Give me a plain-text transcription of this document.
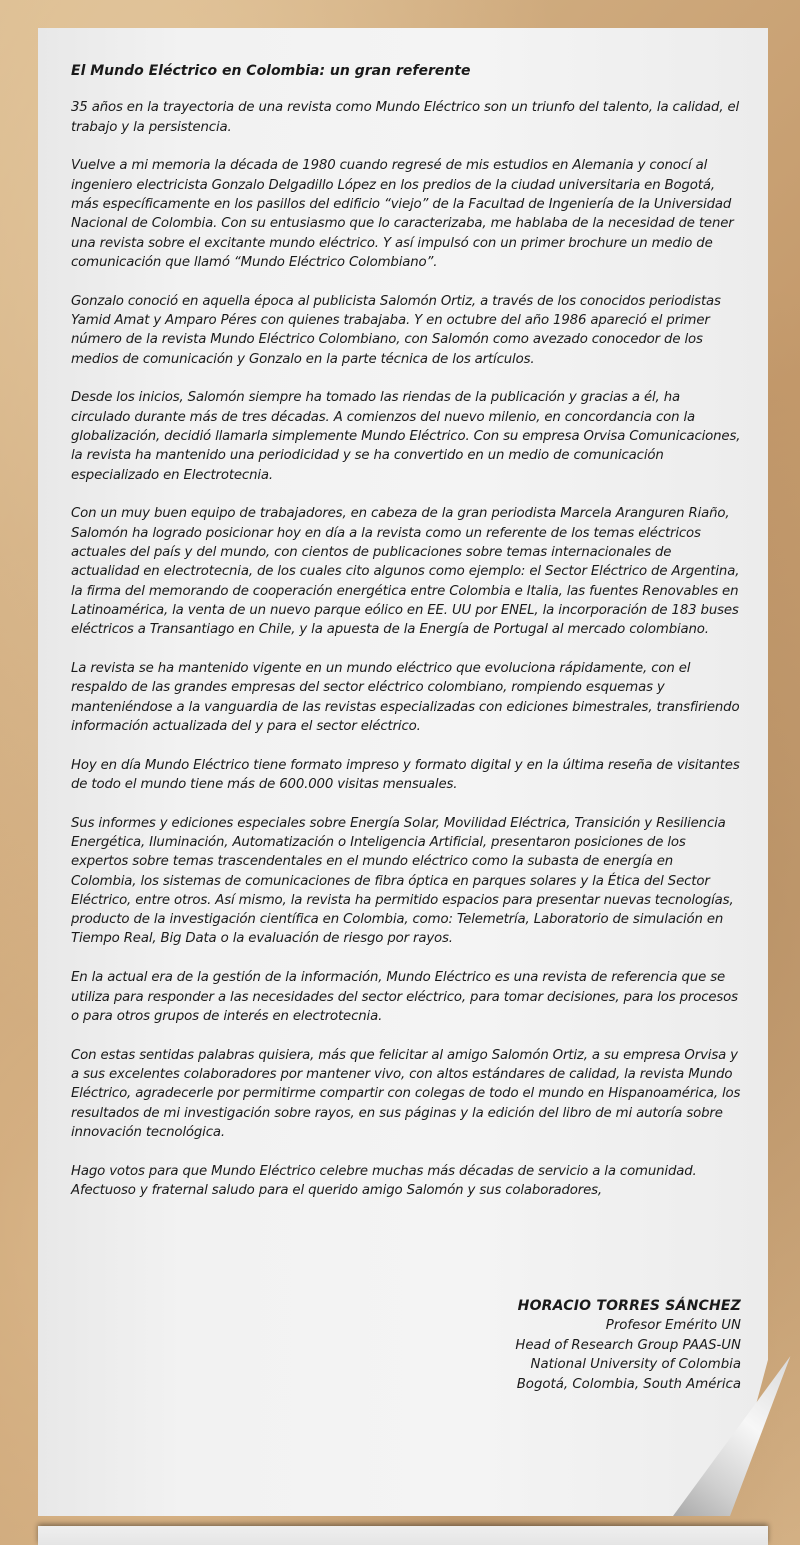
El Mundo Eléctrico en Colombia: un gran referente

35 años en la trayectoria de una revista como Mundo Eléctrico son un triunfo del talento, la calidad, el trabajo y la persistencia.

Vuelve a mi memoria la década de 1980 cuando regresé de mis estudios en Alemania y conocí al ingeniero electricista Gonzalo Delgadillo López en los predios de la ciudad universitaria en Bogotá, más específicamente en los pasillos del edificio “viejo” de la Facultad de Ingeniería de la Universidad Nacional de Colombia. Con su entusiasmo que lo caracterizaba, me hablaba de la necesidad de tener una revista sobre el excitante mundo eléctrico. Y así impulsó con un primer brochure un medio de comunicación que llamó “Mundo Eléctrico Colombiano”.

Gonzalo conoció en aquella época al publicista Salomón Ortiz, a través de los conocidos periodistas Yamid Amat y Amparo Péres con quienes trabajaba. Y en octubre del año 1986 apareció el primer número de la revista Mundo Eléctrico Colombiano, con Salomón como avezado conocedor de los medios de comunicación y Gonzalo en la parte técnica de los artículos.

Desde los inicios, Salomón siempre ha tomado las riendas de la publicación y gracias a él, ha circulado durante más de tres décadas. A comienzos del nuevo milenio, en concordancia con la globalización, decidió llamarla simplemente Mundo Eléctrico. Con su empresa Orvisa Comunicaciones, la revista ha mantenido una periodicidad y se ha convertido en un medio de comunicación especializado en Electrotecnia.

Con un muy buen equipo de trabajadores, en cabeza de la gran periodista Marcela Aranguren Riaño, Salomón ha logrado posicionar hoy en día a la revista como un referente de los temas eléctricos actuales del país y del mundo, con cientos de publicaciones sobre temas internacionales de actualidad en electrotecnia, de los cuales cito algunos como ejemplo: el Sector Eléctrico de Argentina, la firma del memorando de cooperación energética entre Colombia e Italia, las fuentes Renovables en Latinoamérica, la venta de un nuevo parque eólico en EE. UU por ENEL, la incorporación de 183 buses eléctricos a Transantiago en Chile, y la apuesta de la Energía de Portugal al mercado colombiano.

La revista se ha mantenido vigente en un mundo eléctrico que evoluciona rápidamente, con el respaldo de las grandes empresas del sector eléctrico colombiano, rompiendo esquemas y manteniéndose a la vanguardia de las revistas especializadas con ediciones bimestrales, transfiriendo información actualizada del y para el sector eléctrico.

Hoy en día Mundo Eléctrico tiene formato impreso y formato digital y en la última reseña de visitantes de todo el mundo tiene más de 600.000 visitas mensuales.

Sus informes y ediciones especiales sobre Energía Solar, Movilidad Eléctrica, Transición y Resiliencia Energética, Iluminación, Automatización o Inteligencia Artificial, presentaron posiciones de los expertos sobre temas trascendentales en el mundo eléctrico como la subasta de energía en Colombia, los sistemas de comunicaciones de fibra óptica en parques solares y la Ética del Sector Eléctrico, entre otros. Así mismo, la revista ha permitido espacios para presentar nuevas tecnologías, producto de la investigación científica en Colombia, como: Telemetría, Laboratorio de simulación en Tiempo Real, Big Data o la evaluación de riesgo por rayos.

En la actual era de la gestión de la información, Mundo Eléctrico es una revista de referencia que se utiliza para responder a las necesidades del sector eléctrico, para tomar decisiones, para los procesos o para otros grupos de interés en electrotecnia.

Con estas sentidas palabras quisiera, más que felicitar al amigo Salomón Ortiz, a su empresa Orvisa y a sus excelentes colaboradores por mantener vivo, con altos estándares de calidad, la revista Mundo Eléctrico, agradecerle por permitirme compartir con colegas de todo el mundo en Hispanoamérica, los resultados de mi investigación sobre rayos, en sus páginas y la edición del libro de mi autoría sobre innovación tecnológica.

Hago votos para que Mundo Eléctrico celebre muchas más décadas de servicio a la comunidad. Afectuoso y fraternal saludo para el querido amigo Salomón y sus colaboradores,

HORACIO TORRES SÁNCHEZ
Profesor Emérito UN
Head of Research Group PAAS-UN
National University of Colombia
Bogotá, Colombia, South América
